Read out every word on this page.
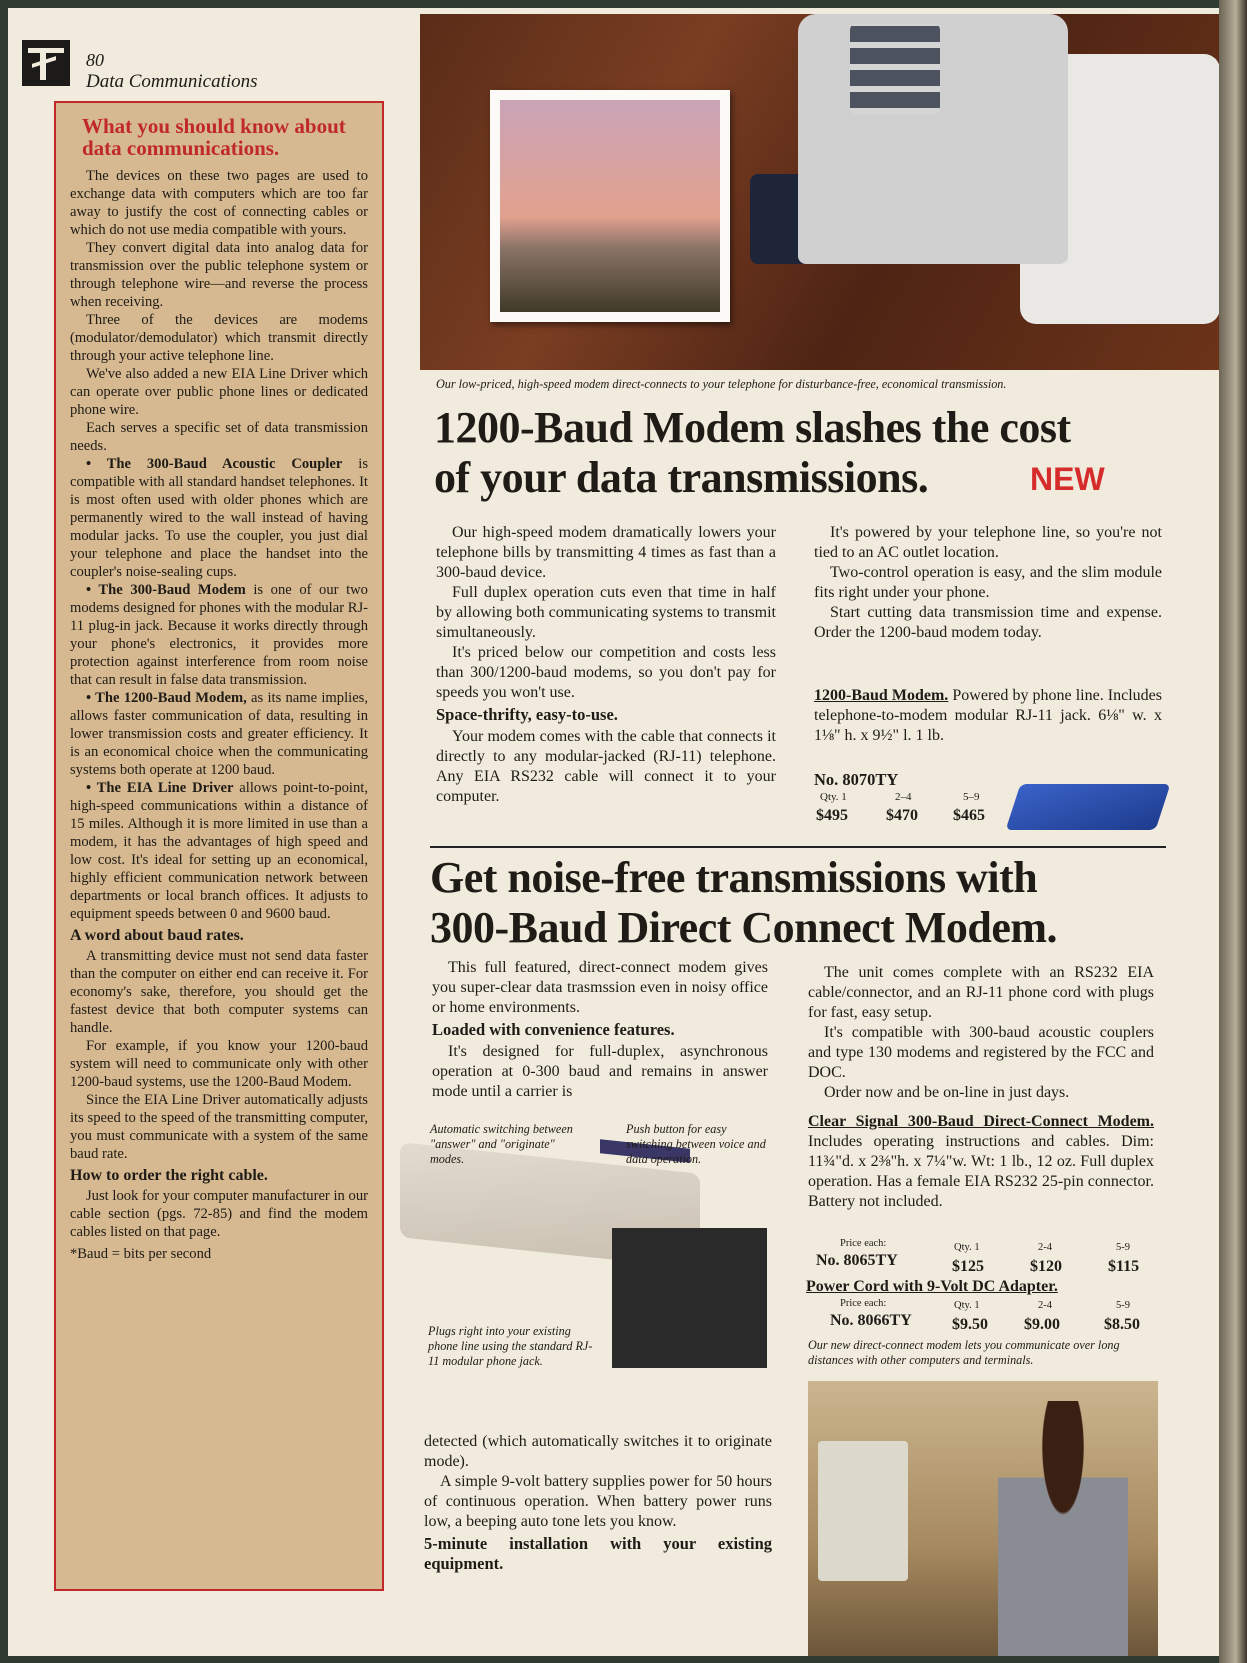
80
Data Communications
What you should know about data communications.

The devices on these two pages are used to exchange data with computers which are too far away to justify the cost of connecting cables or which do not use media compatible with yours.

They convert digital data into analog data for transmission over the public telephone system or through telephone wire—and reverse the process when receiving.

Three of the devices are modems (modulator/demodulator) which transmit directly through your active telephone line.

We've also added a new EIA Line Driver which can operate over public phone lines or dedicated phone wire.

Each serves a specific set of data transmission needs.

• The 300-Baud Acoustic Coupler is compatible with all standard handset telephones. It is most often used with older phones which are permanently wired to the wall instead of having modular jacks. To use the coupler, you just dial your telephone and place the handset into the coupler's noise-sealing cups.

• The 300-Baud Modem is one of our two modems designed for phones with the modular RJ-11 plug-in jack. Because it works directly through your phone's electronics, it provides more protection against interference from room noise that can result in false data transmission.

• The 1200-Baud Modem, as its name implies, allows faster communication of data, resulting in lower transmission costs and greater efficiency. It is an economical choice when the communicating systems both operate at 1200 baud.

• The EIA Line Driver allows point-to-point, high-speed communications within a distance of 15 miles. Although it is more limited in use than a modem, it has the advantages of high speed and low cost. It's ideal for setting up an economical, highly efficient communication network between departments or local branch offices. It adjusts to equipment speeds between 0 and 9600 baud.

A word about baud rates.

A transmitting device must not send data faster than the computer on either end can receive it. For economy's sake, therefore, you should get the fastest device that both computer systems can handle.

For example, if you know your 1200-baud system will need to communicate only with other 1200-baud systems, use the 1200-Baud Modem.

Since the EIA Line Driver automatically adjusts its speed to the speed of the transmitting computer, you must communicate with a system of the same baud rate.

How to order the right cable.

Just look for your computer manufacturer in our cable section (pgs. 72-85) and find the modem cables listed on that page.

*Baud = bits per second

Our low-priced, high-speed modem direct-connects to your telephone for disturbance-free, economical transmission.
1200-Baud Modem slashes the cost
of your data transmissions.	NEW

Our high-speed modem dramatically lowers your telephone bills by transmitting 4 times as fast than a 300-baud device.

Full duplex operation cuts even that time in half by allowing both communicating systems to transmit simultaneously.

It's priced below our competition and costs less than 300/1200-baud modems, so you don't pay for speeds you won't use.

Space-thrifty, easy-to-use.

Your modem comes with the cable that connects it directly to any modular-jacked (RJ-11) telephone. Any EIA RS232 cable will connect it to your computer.

It's powered by your telephone line, so you're not tied to an AC outlet location.

Two-control operation is easy, and the slim module fits right under your phone.

Start cutting data transmission time and expense. Order the 1200-baud modem today.

1200-Baud Modem. Powered by phone line. Includes telephone-to-modem modular RJ-11 jack. 6⅛" w. x 1⅛" h. x 9½" l. 1 lb.
No. 8070TY
Qty. 1	2–4	5–9
$495 $470 $465
Get noise-free transmissions with
300-Baud Direct Connect Modem.

This full featured, direct-connect modem gives you super-clear data trasmssion even in noisy office or home environments.

Loaded with convenience features.

It's designed for full-duplex, asynchronous operation at 0-300 baud and remains in answer mode until a carrier is

Automatic switching between "answer" and "originate" modes.
Push button for easy switching between voice and data operation.
Plugs right into your existing phone line using the standard RJ-11 modular phone jack.

detected (which automatically switches it to originate mode).

A simple 9-volt battery supplies power for 50 hours of continuous operation. When battery power runs low, a beeping auto tone lets you know.

5-minute installation with your existing equipment.

The unit comes complete with an RS232 EIA cable/connector, and an RJ-11 phone cord with plugs for fast, easy setup.

It's compatible with 300-baud acoustic couplers and type 130 modems and registered by the FCC and DOC.

Order now and be on-line in just days.

Clear Signal 300-Baud Direct-Connect Modem. Includes operating instructions and cables. Dim: 11¾"d. x 2⅜"h. x 7¼"w. Wt: 1 lb., 12 oz. Full duplex operation. Has a female EIA RS232 25-pin connector. Battery not included.
Price each:	Qty. 1	2-4	5-9
No. 8065TY	$125	$120	$115
Power Cord with 9-Volt DC Adapter.
Price each:	Qty. 1	2-4	5-9
No. 8066TY	$9.50 $9.00	$8.50
Our new direct-connect modem lets you communicate over long distances with other computers and terminals.
